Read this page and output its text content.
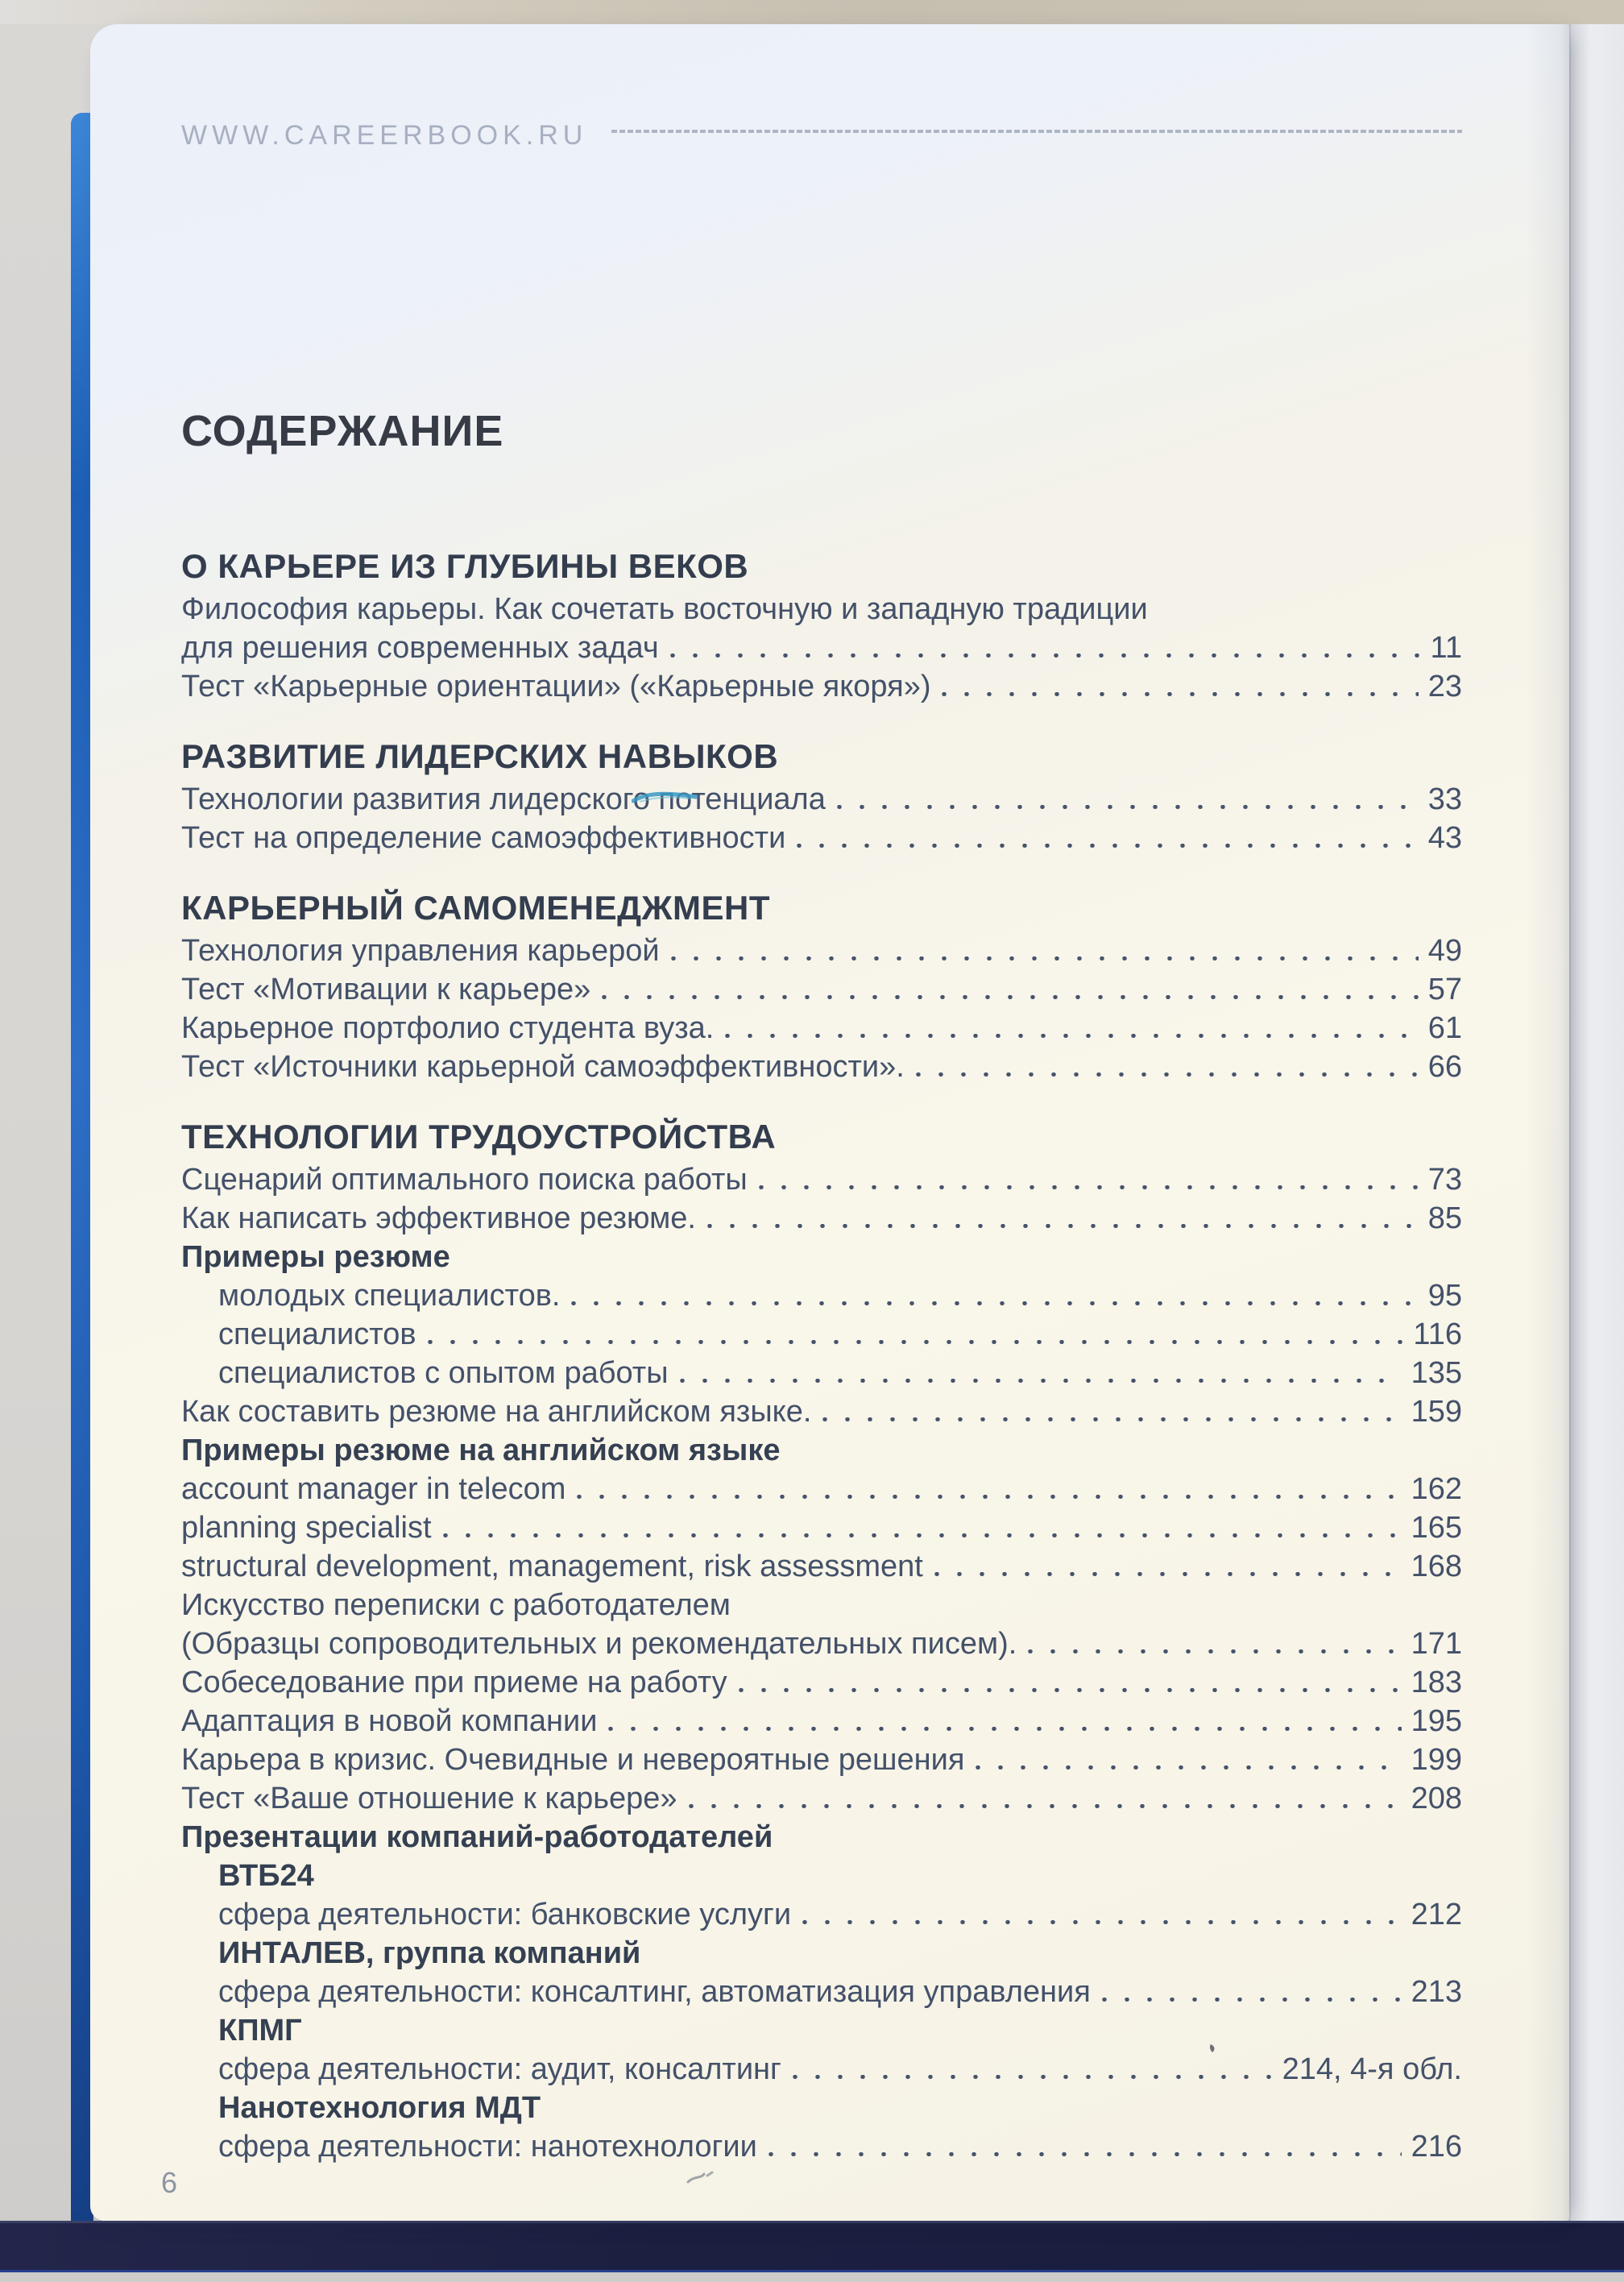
WWW.CAREERBOOK.RU
СОДЕРЖАНИЕ
О КАРЬЕРЕ ИЗ ГЛУБИНЫ ВЕКОВ
Философия карьеры. Как сочетать восточную и западную традиции
для решения современных задач	11
Тест «Карьерные ориентации» («Карьерные якоря»)	23
РАЗВИТИЕ ЛИДЕРСКИХ НАВЫКОВ
Технологии развития лидерского потенциала	33
Тест на определение самоэффективности	43
КАРЬЕРНЫЙ САМОМЕНЕДЖМЕНТ
Технология управления карьерой	49
Тест «Мотивации к карьере»	57
Карьерное портфолио студента вуза.	61
Тест «Источники карьерной самоэффективности».	66
ТЕХНОЛОГИИ ТРУДОУСТРОЙСТВА
Сценарий оптимального поиска работы	73
Как написать эффективное резюме.	85
Примеры резюме
молодых специалистов.	95
специалистов	116
специалистов с опытом работы	135
Как составить резюме на английском языке.	159
Примеры резюме на английском языке
account manager in telecom	162
planning specialist	165
structural development, management, risk assessment	168
Искусство переписки с работодателем
(Образцы сопроводительных и рекомендательных писем).	171
Собеседование при приеме на работу	183
Адаптация в новой компании	195
Карьера в кризис. Очевидные и невероятные решения	199
Тест «Ваше отношение к карьере»	208
Презентации компаний-работодателей
ВТБ24
сфера деятельности: банковские услуги	212
ИНТАЛЕВ, группа компаний
сфера деятельности: консалтинг, автоматизация управления	213
КПМГ
сфера деятельности: аудит, консалтинг	214, 4-я обл.
Нанотехнология МДТ
сфера деятельности: нанотехнологии	216
6
